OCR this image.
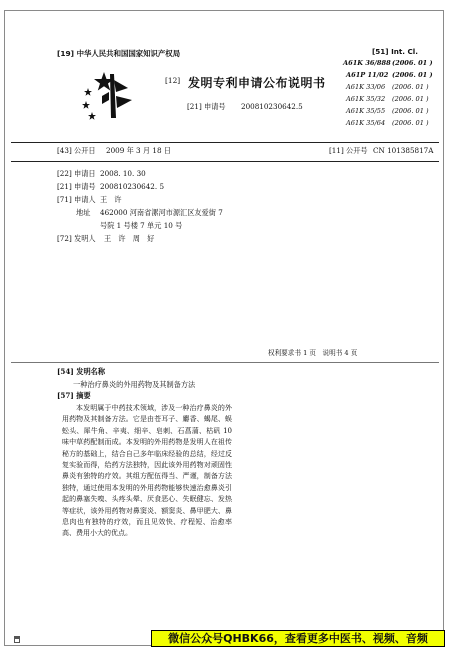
[19] 中华人民共和国国家知识产权局
[12] 发明专利申请公布说明书
[21] 申请号 200810230642.5
[51] Int. Cl.
A61K 36/888 (2006. 01 )
A61P 11/02 (2006. 01 )
A61K 33/06 (2006. 01 )
A61K 35/32 (2006. 01 )
A61K 35/55 (2006. 01 )
A61K 35/64 (2006. 01 )
[43] 公开日 2009 年 3 月 18 日	[11] 公开号 CN 101385817A
[22] 申请日 2008. 10. 30
[21] 申请号 200810230642. 5
[71] 申请人 王　许
地址 462000 河南省漯河市源汇区友爱街 7
号院 1 号楼 7 单元 10 号
[72] 发明人 王　许　周　好
权利要求书 1 页　说明书 4 页
[54] 发明名称
一种治疗鼻炎的外用药物及其制备方法
[57] 摘要

本发明属于中药技术领域，涉及一种治疗鼻炎的外用药物及其制备方法。它是由苍耳子、麝香、蝎尾、蜈蚣头、犀牛角、辛夷、细辛、皂刺、石菖蒲、枯矾 10 味中草药配制而成。本发明的外用药物是发明人在祖传秘方的基础上，结合自己多年临床经验的总结，经过反复实验而得，给药方法独特，因此该外用药物对顽固性鼻炎有独特的疗效。其组方配伍得当、严谨，制备方法独特，通过使用本发明的外用药物能够快速治愈鼻炎引起的鼻塞失嗅、头疼头晕、厌食恶心、失眠健忘、发热等症状，该外用药物对鼻窦炎、额窦炎、鼻甲肥大、鼻息肉也有独特的疗效，而且见效快、疗程短、治愈率高、费用小大的优点。

微信公众号QHBK66，查看更多中医书、视频、音频
